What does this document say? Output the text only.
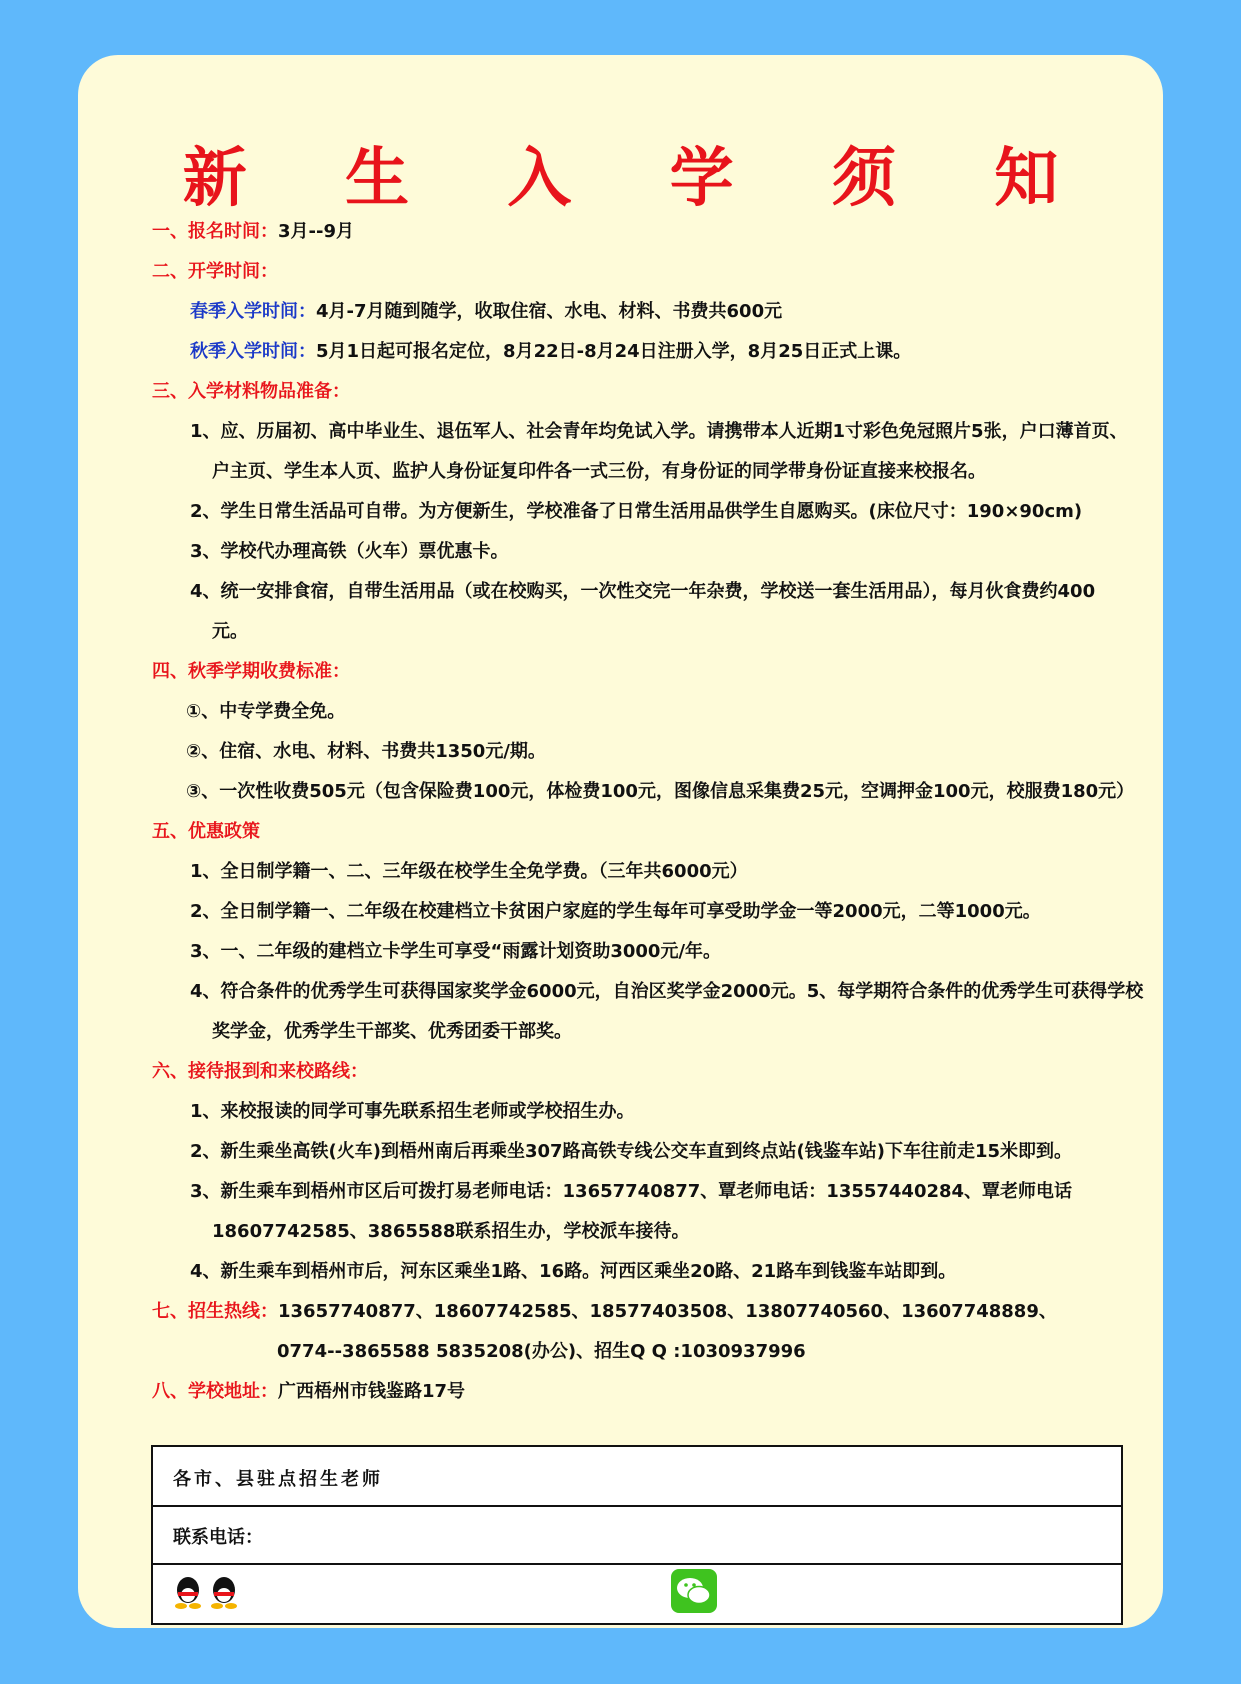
新 生 入 学 须 知
一、报名时间：3月--9月
二、开学时间：
春季入学时间：4月-7月随到随学，收取住宿、水电、材料、书费共600元
秋季入学时间：5月1日起可报名定位，8月22日-8月24日注册入学，8月25日正式上课。
三、入学材料物品准备：
1、应、历届初、高中毕业生、退伍军人、社会青年均免试入学。请携带本人近期1寸彩色免冠照片5张，户口薄首页、
户主页、学生本人页、监护人身份证复印件各一式三份，有身份证的同学带身份证直接来校报名。
2、学生日常生活品可自带。为方便新生，学校准备了日常生活用品供学生自愿购买。(床位尺寸：190×90cm)
3、学校代办理高铁（火车）票优惠卡。
4、统一安排食宿，自带生活用品（或在校购买，一次性交完一年杂费，学校送一套生活用品），每月伙食费约400
元。
四、秋季学期收费标准：
①、中专学费全免。
②、住宿、水电、材料、书费共1350元/期。
③、一次性收费505元（包含保险费100元，体检费100元，图像信息采集费25元，空调押金100元，校服费180元）
五、优惠政策
1、全日制学籍一、二、三年级在校学生全免学费。（三年共6000元）
2、全日制学籍一、二年级在校建档立卡贫困户家庭的学生每年可享受助学金一等2000元，二等1000元。
3、一、二年级的建档立卡学生可享受“雨露计划资助3000元/年。
4、符合条件的优秀学生可获得国家奖学金6000元，自治区奖学金2000元。5、每学期符合条件的优秀学生可获得学校
奖学金，优秀学生干部奖、优秀团委干部奖。
六、接待报到和来校路线：
1、来校报读的同学可事先联系招生老师或学校招生办。
2、新生乘坐高铁(火车)到梧州南后再乘坐307路高铁专线公交车直到终点站(钱鉴车站)下车往前走15米即到。
3、新生乘车到梧州市区后可拨打易老师电话：13657740877、覃老师电话：13557440284、覃老师电话
18607742585、3865588联系招生办，学校派车接待。
4、新生乘车到梧州市后，河东区乘坐1路、16路。河西区乘坐20路、21路车到钱鉴车站即到。
七、招生热线：13657740877、18607742585、18577403508、13807740560、13607748889、
0774--3865588 5835208(办公)、招生Q Q :1030937996
八、学校地址：广西梧州市钱鉴路17号
各市、县驻点招生老师
联系电话：
